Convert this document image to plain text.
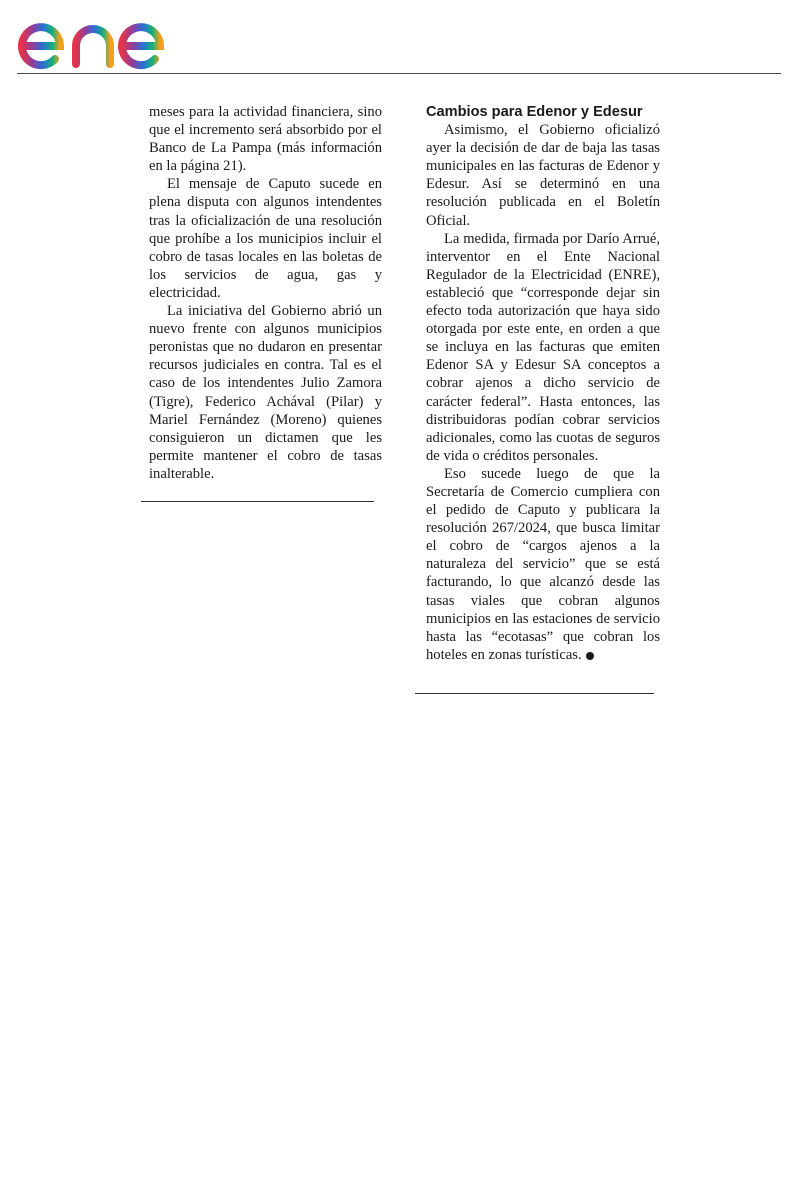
meses para la actividad financiera, sino que el incremento será absorbido por el Banco de La Pampa (más información en la página 21).

El mensaje de Caputo sucede en plena disputa con algunos intendentes tras la oficialización de una resolución que prohíbe a los municipios incluir el cobro de tasas locales en las boletas de los servicios de agua, gas y electricidad.

La iniciativa del Gobierno abrió un nuevo frente con algunos municipios peronistas que no dudaron en presentar recursos judiciales en contra. Tal es el caso de los intendentes Julio Zamora (Tigre), Federico Achával (Pilar) y Mariel Fernández (Moreno) quienes consiguieron un dictamen que les permite mantener el cobro de tasas inalterable.

Cambios para Edenor y Edesur

Asimismo, el Gobierno oficializó ayer la decisión de dar de baja las tasas municipales en las facturas de Edenor y Edesur. Así se determinó en una resolución publicada en el Boletín Oficial.

La medida, firmada por Darío Arrué, interventor en el Ente Nacional Regulador de la Electricidad (ENRE), estableció que “corresponde dejar sin efecto toda autorización que haya sido otorgada por este ente, en orden a que se incluya en las facturas que emiten Edenor SA y Edesur SA conceptos a cobrar ajenos a dicho servicio de carácter federal”. Hasta entonces, las distribuidoras podían cobrar servicios adicionales, como las cuotas de seguros de vida o créditos personales.

Eso sucede luego de que la Secretaría de Comercio cumpliera con el pedido de Caputo y publicara la resolución 267/2024, que busca limitar el cobro de “cargos ajenos a la naturaleza del servicio” que se está facturando, lo que alcanzó desde las tasas viales que cobran algunos municipios en las estaciones de servicio hasta las “ecotasas” que cobran los hoteles en zonas turísticas.
